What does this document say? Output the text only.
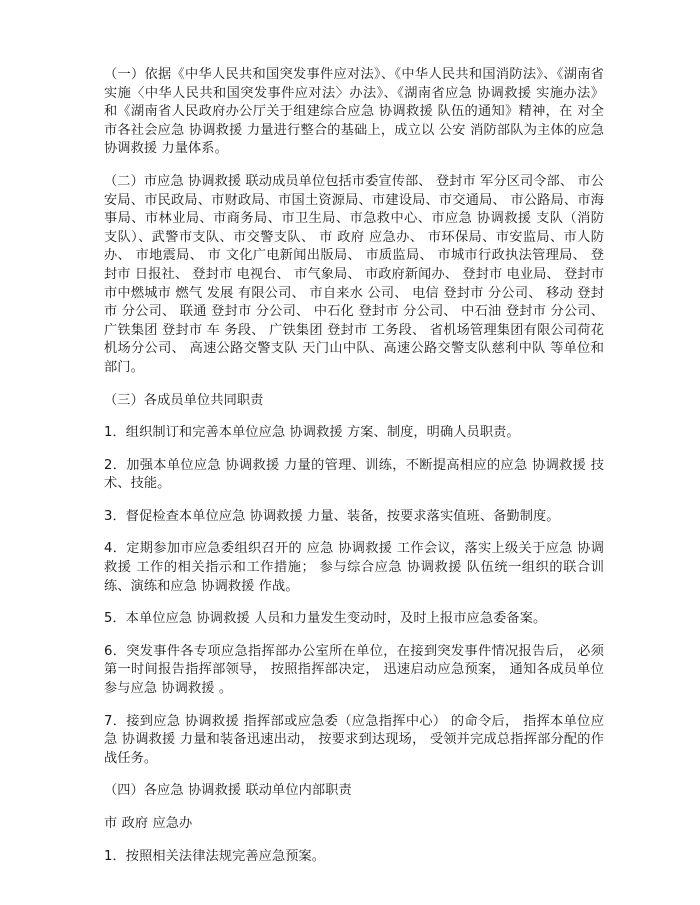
（一）依据《中华人民共和国突发事件应对法》、《中华人民共和国消防法》、《湖南省实施〈中华人民共和国突发事件应对法〉办法》、《湖南省应急 协调救援 实施办法》 和《湖南省人民政府办公厅关于组建综合应急 协调救援 队伍的通知》精神，在 对全市各社会应急 协调救援 力量进行整合的基础上，成立以 公安 消防部队为主体的应急 协调救援 力量体系。

（二）市应急 协调救援 联动成员单位包括市委宣传部、 登封市 军分区司令部、 市公安局、市民政局、市财政局、市国土资源局、市建设局、市交通局、 市公路局、市海事局、市林业局、市商务局、市卫生局、市急救中心、市应急 协调救援 支队（消防支队）、武警市支队、市交警支队、 市 政府 应急办、 市环保局、市安监局、市人防办、 市地震局、 市 文化广电新闻出版局、 市质监局、 市城市行政执法管理局、 登封市 日报社、 登封市 电视台、 市气象局、 市政府新闻办、 登封市 电业局、 登封市 市中燃城市 燃气 发展 有限公司、 市自来水 公司、 电信 登封市 分公司、 移动 登封市 分公司、 联通 登封市 分公司、 中石化 登封市 分公司、 中石油 登封市 分公司、 广铁集团 登封市 车 务段、 广铁集团 登封市 工务段、 省机场管理集团有限公司荷花机场分公司、 高速公路交警支队 天门山中队、高速公路交警支队慈利中队 等单位和部门。

（三）各成员单位共同职责

1．组织制订和完善本单位应急 协调救援 方案、制度，明确人员职责。

2．加强本单位应急 协调救援 力量的管理、训练，不断提高相应的应急 协调救援 技术、技能。

3．督促检查本单位应急 协调救援 力量、装备，按要求落实值班、备勤制度。

4．定期参加市应急委组织召开的 应急 协调救援 工作会议，落实上级关于应急 协调救援 工作的相关指示和工作措施； 参与综合应急 协调救援 队伍统一组织的联合训练、演练和应急 协调救援 作战。

5．本单位应急 协调救援 人员和力量发生变动时，及时上报市应急委备案。

6．突发事件各专项应急指挥部办公室所在单位，在接到突发事件情况报告后， 必须第一时间报告指挥部领导， 按照指挥部决定， 迅速启动应急预案， 通知各成员单位参与应急 协调救援 。

7．接到应急 协调救援 指挥部或应急委（应急指挥中心） 的命令后， 指挥本单位应急 协调救援 力量和装备迅速出动， 按要求到达现场， 受领并完成总指挥部分配的作战任务。

（四）各应急 协调救援 联动单位内部职责

市 政府 应急办

1．按照相关法律法规完善应急预案。
